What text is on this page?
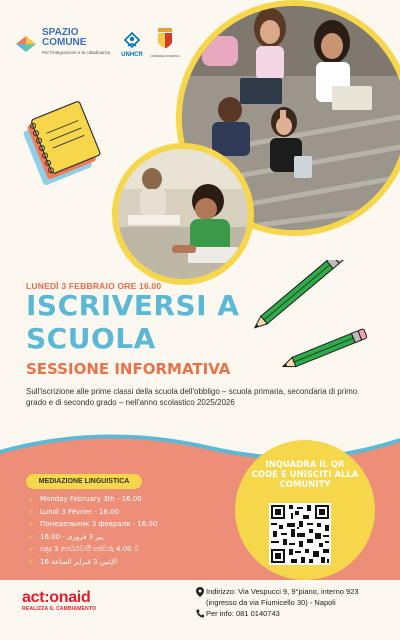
SPAZIO
COMUNE
Per l'integrazione e la cittadinanza	UNHCR	COMUNE DI NAPOLI
LUNEDÌ 3 FEBBRAIO ORE 16.00
ISCRIVERSI A
SCUOLA
SESSIONE INFORMATIVA
Sull'iscrizione alle prime classi della scuola dell'obbligo – scuola primaria, secondaria di primo grado e di secondo grado – nell'anno scolastico 2025/2026
MEDIAZIONE LINGUISTICA
✓ Monday February 3th - 16.00
✓ Lundi 3 Février - 16.00
✓ Понедельник 3 февраля - 16.00
✓ پیر 3 فروری - 16.00
✓ සඳුදා 3 පෙබරවාරි පස්වරු 4.00 ට
✓ الإثنين 3 فبراير الساعة 16
INQUADRA IL QR CODE E UNISCITI ALLA COMUNITY
act:onaid
REALIZZA IL CAMBIAMENTO
Indirizzo: Via Vespucci 9, 9°piano, interno 923
(ingresso da via Fiumicello 30) - Napoli
Per info: 081 0140743
